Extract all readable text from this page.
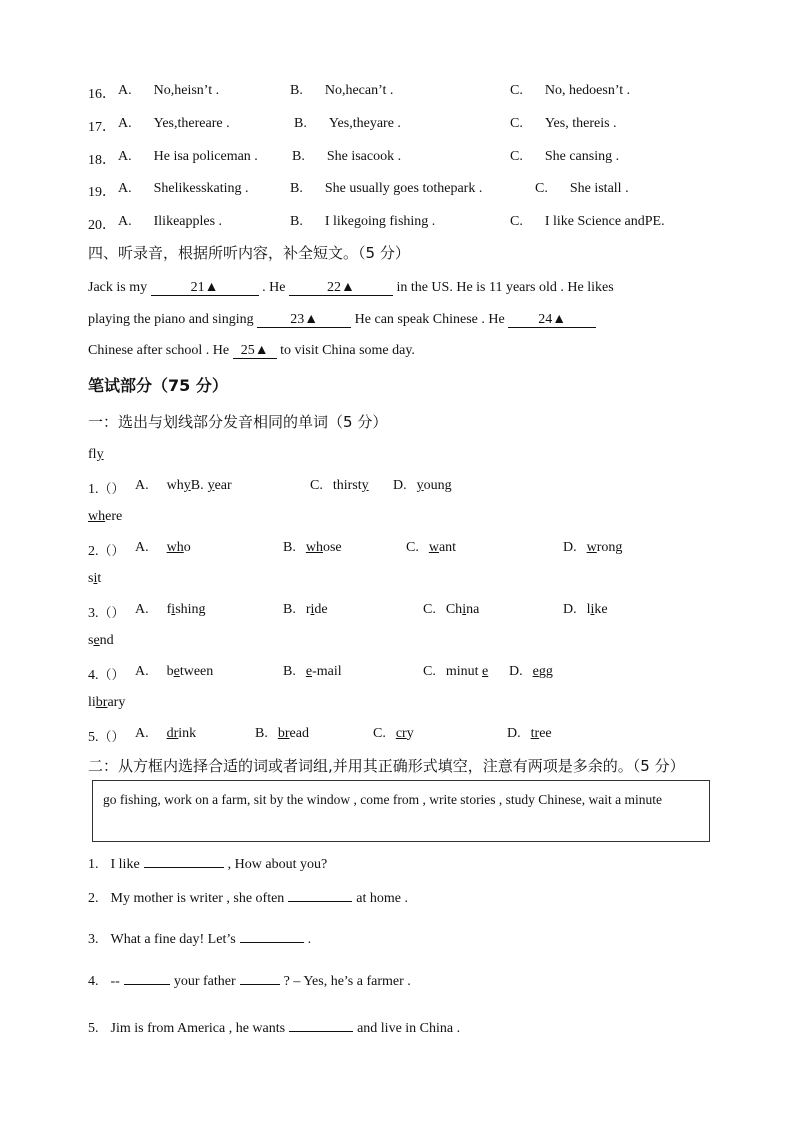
16． A. No,heisn’t .	B. No,hecan’t .	C. No, hedoesn’t .
17． A. Yes,thereare .	B. Yes,theyare .	C. Yes, thereis .
18． A. He isa policeman . B. She isacook .	C. She cansing .
19． A. Shelikesskating .	B. She usually goes tothepark .	C. She istall .
20． A. Ilikeapples .	B. I likegoing fishing .	C. I like Science andPE.
四、听录音，根据所听内容，补全短文。（5 分）
Jack is my	21▲	. He	22▲	in the US. He is 11 years old . He likes
playing the piano and singing	23▲	He can speak Chinese . He 24▲
Chinese after school . He 25▲ to visit China some day.
笔试部分（75 分）
一：选出与划线部分发音相同的单词（5 分）
fly
1.（） A. whyB. year	C. thirsty D. young
where
2.（） A. who	B. whose	C. want	D. wrong
sit
3.（） A. fishing	B. ride	C. China	D. like
send
4.（） A. between	B. e-mail	C. minut e D. egg
library
5.（） A. drink	B. bread	C. cry	D. tree
二：从方框内选择合适的词或者词组,并用其正确形式填空，注意有两项是多余的。（5 分）
go fishing, work on a farm, sit by the window , come from , write stories , study Chinese, wait a minute
1. I like	, How about you?
2. My mother is writer , she often	at home .
3. What a fine day! Let’s	.
4. --	your father	? – Yes, he’s a farmer .
5. Jim is from America , he wants	and live in China .
